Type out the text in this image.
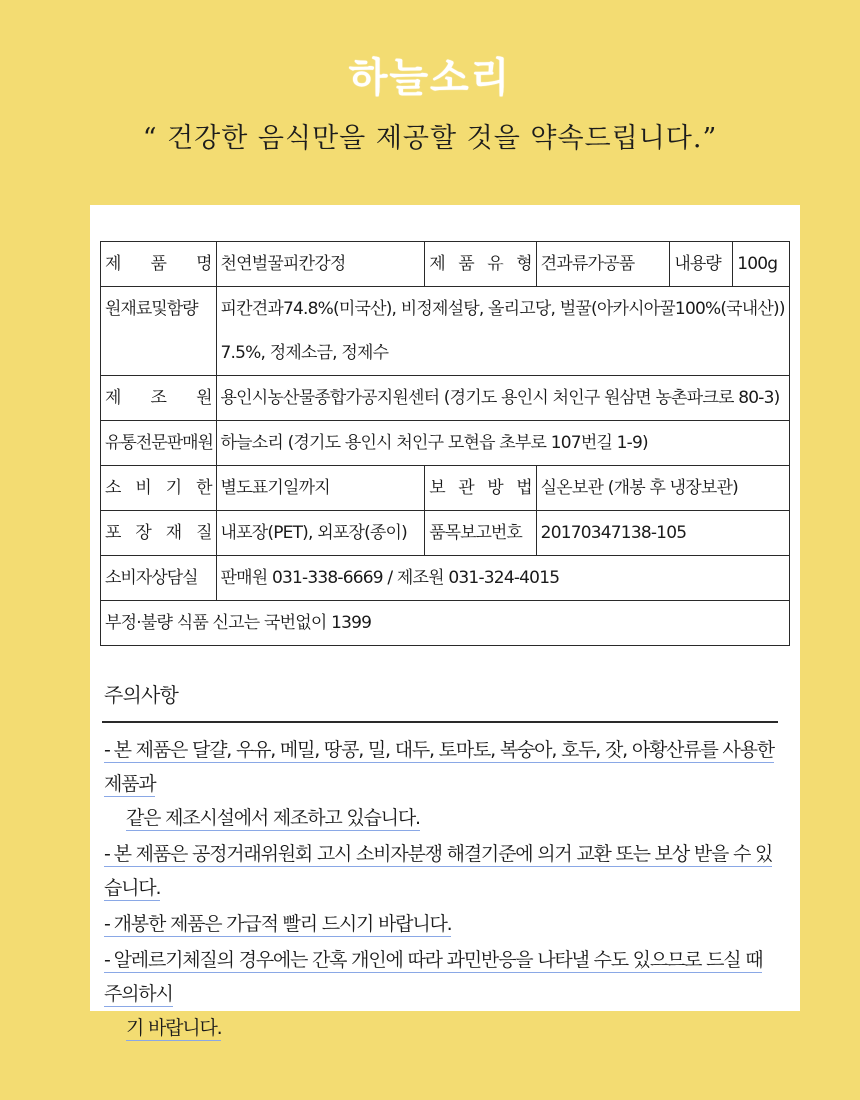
하늘소리
“ 건강한 음식만을 제공할 것을 약속드립니다.”
제 품 명	천연벌꿀피칸강정	제 품 유 형	견과류가공품	내용량	100g
원재료및함량	피칸견과74.8%(미국산), 비정제설탕, 올리고당, 벌꿀(아카시아꿀100%(국내산)) 7.5%, 정제소금, 정제수				
제 조 원	용인시농산물종합가공지원센터 (경기도 용인시 처인구 원삼면 농촌파크로 80-3)				
유통전문판매원	하늘소리 (경기도 용인시 처인구 모현읍 초부로 107번길 1-9)				
소 비 기 한	별도표기일까지	보 관 방 법	실온보관 (개봉 후 냉장보관)		
포 장 재 질	내포장(PET), 외포장(종이)	품목보고번호	20170347138-105		
소비자상담실	판매원 031-338-6669 / 제조원 031-324-4015				
부정·불량 식품 신고는 국번없이 1399					
주의사항
- 본 제품은 달걀, 우유, 메밀, 땅콩, 밀, 대두, 토마토, 복숭아, 호두, 잣, 아황산류를 사용한 제품과
같은 제조시설에서 제조하고 있습니다.
- 본 제품은 공정거래위원회 고시 소비자분쟁 해결기준에 의거 교환 또는 보상 받을 수 있습니다.
- 개봉한 제품은 가급적 빨리 드시기 바랍니다.
- 알레르기체질의 경우에는 간혹 개인에 따라 과민반응을 나타낼 수도 있으므로 드실 때 주의하시
기 바랍니다.
